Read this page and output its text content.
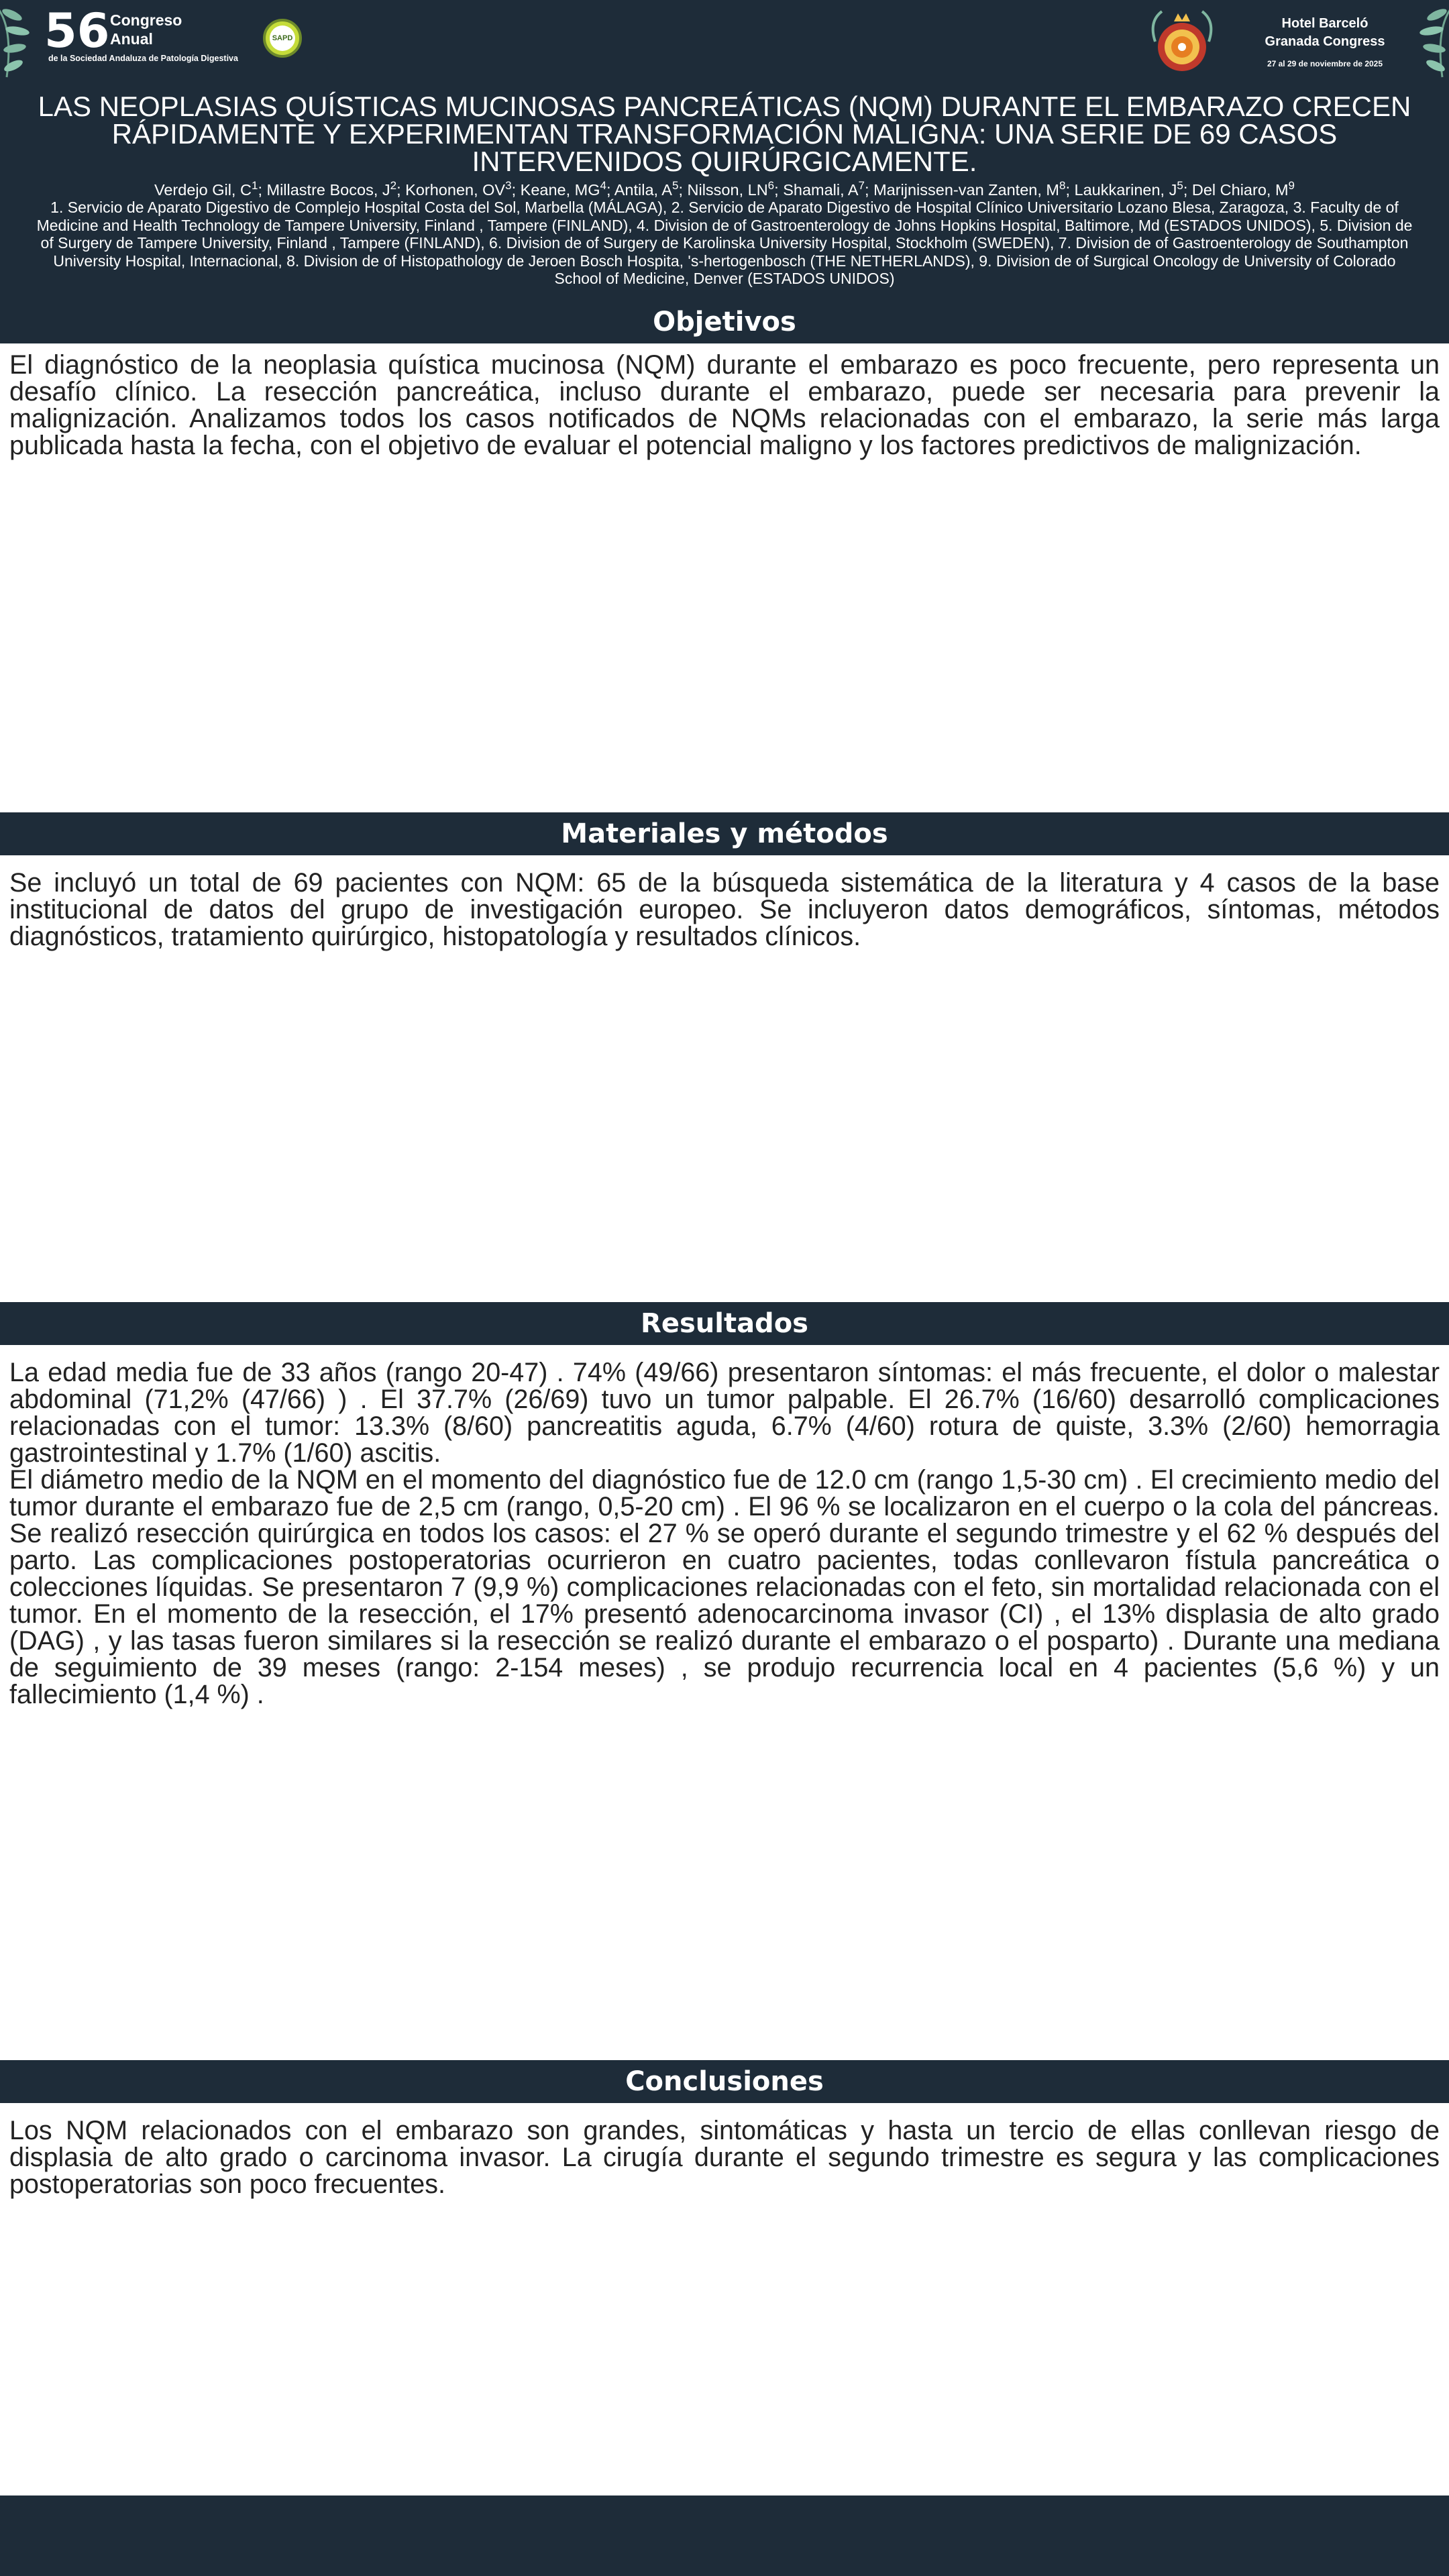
56 Congreso
Anual
de la Sociedad Andaluza de Patología Digestiva
SAPD
Hotel Barceló
Granada Congress
27 al 29 de noviembre de 2025
LAS NEOPLASIAS QUÍSTICAS MUCINOSAS PANCREÁTICAS (NQM) DURANTE EL EMBARAZO CRECEN RÁPIDAMENTE Y EXPERIMENTAN TRANSFORMACIÓN MALIGNA: UNA SERIE DE 69 CASOS INTERVENIDOS QUIRÚRGICAMENTE.
Verdejo Gil, $C^1$; Millastre Bocos, $J^2$; Korhonen, $OV^3$; Keane, $MG^4$; Antila, $A^5$; Nilsson, $LN^6$; Shamali, $A^7$; Marijnissen-van Zanten, $M^8$; Laukkarinen, $J^5$; Del Chiaro, $M^9$
1. Servicio de Aparato Digestivo de Complejo Hospital Costa del Sol, Marbella (MÁLAGA), 2. Servicio de Aparato Digestivo de Hospital Clínico Universitario Lozano Blesa, Zaragoza, 3. Faculty de of Medicine and Health Technology de Tampere University, Finland , Tampere (FINLAND), 4. Division de of Gastroenterology de Johns Hopkins Hospital, Baltimore, Md (ESTADOS UNIDOS), 5. Division de of Surgery de Tampere University, Finland , Tampere (FINLAND), 6. Division de of Surgery de Karolinska University Hospital, Stockholm (SWEDEN), 7. Division de of Gastroenterology de Southampton University Hospital, Internacional, 8. Division de of Histopathology de Jeroen Bosch Hospita, 's-hertogenbosch (THE NETHERLANDS), 9. Division de of Surgical Oncology de University of Colorado School of Medicine, Denver (ESTADOS UNIDOS)
Objetivos

El diagnóstico de la neoplasia quística mucinosa (NQM) durante el embarazo es poco frecuente, pero representa un desafío clínico. La resección pancreática, incluso durante el embarazo, puede ser necesaria para prevenir la malignización. Analizamos todos los casos notificados de NQMs relacionadas con el embarazo, la serie más larga publicada hasta la fecha, con el objetivo de evaluar el potencial maligno y los factores predictivos de malignización.

Materiales y métodos

Se incluyó un total de 69 pacientes con NQM: 65 de la búsqueda sistemática de la literatura y 4 casos de la base institucional de datos del grupo de investigación europeo. Se incluyeron datos demográficos, síntomas, métodos diagnósticos, tratamiento quirúrgico, histopatología y resultados clínicos.

Resultados

La edad media fue de 33 años (rango 20-47) . 74% (49/66) presentaron síntomas: el más frecuente, el dolor o malestar abdominal (71,2% (47/66) ) . El 37.7% (26/69) tuvo un tumor palpable. El 26.7% (16/60) desarrolló complicaciones relacionadas con el tumor: 13.3% (8/60) pancreatitis aguda, 6.7% (4/60) rotura de quiste, 3.3% (2/60) hemorragia gastrointestinal y 1.7% (1/60) ascitis.

El diámetro medio de la NQM en el momento del diagnóstico fue de 12.0 cm (rango 1,5-30 cm) . El crecimiento medio del tumor durante el embarazo fue de 2,5 cm (rango, 0,5-20 cm) . El 96 % se localizaron en el cuerpo o la cola del páncreas. Se realizó resección quirúrgica en todos los casos: el 27 % se operó durante el segundo trimestre y el 62 % después del parto. Las complicaciones postoperatorias ocurrieron en cuatro pacientes, todas conllevaron fístula pancreática o colecciones líquidas. Se presentaron 7 (9,9 %) complicaciones relacionadas con el feto, sin mortalidad relacionada con el tumor. En el momento de la resección, el 17% presentó adenocarcinoma invasor (CI) , el 13% displasia de alto grado (DAG) , y las tasas fueron similares si la resección se realizó durante el embarazo o el posparto) . Durante una mediana de seguimiento de 39 meses (rango: 2-154 meses) , se produjo recurrencia local en 4 pacientes (5,6 %) y un fallecimiento (1,4 %) .

Conclusiones

Los NQM relacionados con el embarazo son grandes, sintomáticas y hasta un tercio de ellas conllevan riesgo de displasia de alto grado o carcinoma invasor. La cirugía durante el segundo trimestre es segura y las complicaciones postoperatorias son poco frecuentes.
